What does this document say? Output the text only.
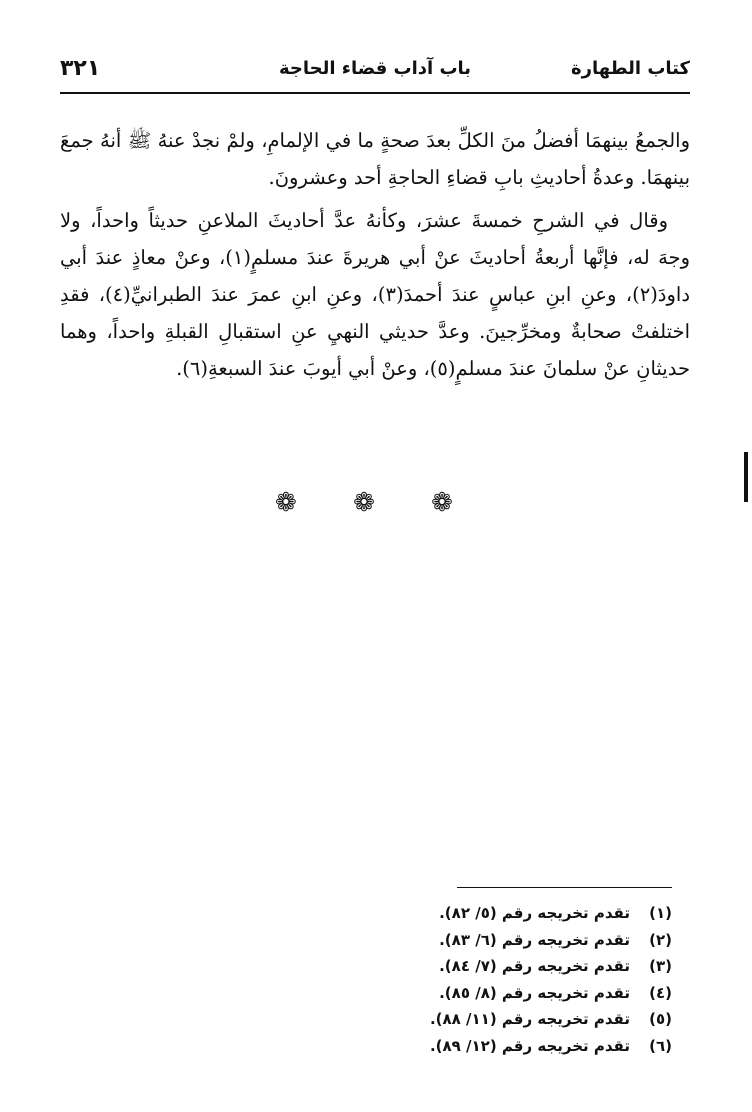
كتاب الطهارة
باب آداب قضاء الحاجة
٣٢١

والجمعُ بينهمَا أفضلُ منَ الكلِّ بعدَ صحةٍ ما في الإلمامِ، ولمْ نجدْ عنهُ ﷺ أنهُ جمعَ بينهمَا. وعدةُ أحاديثِ بابِ قضاءِ الحاجةِ أحد وعشرونَ.

وقال في الشرحِ خمسةَ عشرَ، وكأنهُ عدَّ أحاديثَ الملاعنِ حديثاً واحداً، ولا وجهَ له، فإنَّها أربعةُ أحاديثَ عنْ أبي هريرةَ عندَ مسلمٍ(١)، وعنْ معاذٍ عندَ أبي داودَ(٢)، وعنِ ابنِ عباسٍ عندَ أحمدَ(٣)، وعنِ ابنِ عمرَ عندَ الطبرانيِّ(٤)، فقدِ اختلفتْ صحابةٌ ومخرِّجينَ. وعدَّ حديثي النهيِ عنِ استقبالِ القبلةِ واحداً، وهما حديثانِ عنْ سلمانَ عندَ مسلمٍ(٥)، وعنْ أبي أيوبَ عندَ السبعةِ(٦).

❁ ❁ ❁
(١)تقدم تخريجه رقم (٥/ ٨٢).
(٢)تقدم تخريجه رقم (٦/ ٨٣).
(٣)تقدم تخريجه رقم (٧/ ٨٤).
(٤)تقدم تخريجه رقم (٨/ ٨٥).
(٥)تقدم تخريجه رقم (١١/ ٨٨).
(٦)تقدم تخريجه رقم (١٢/ ٨٩).
